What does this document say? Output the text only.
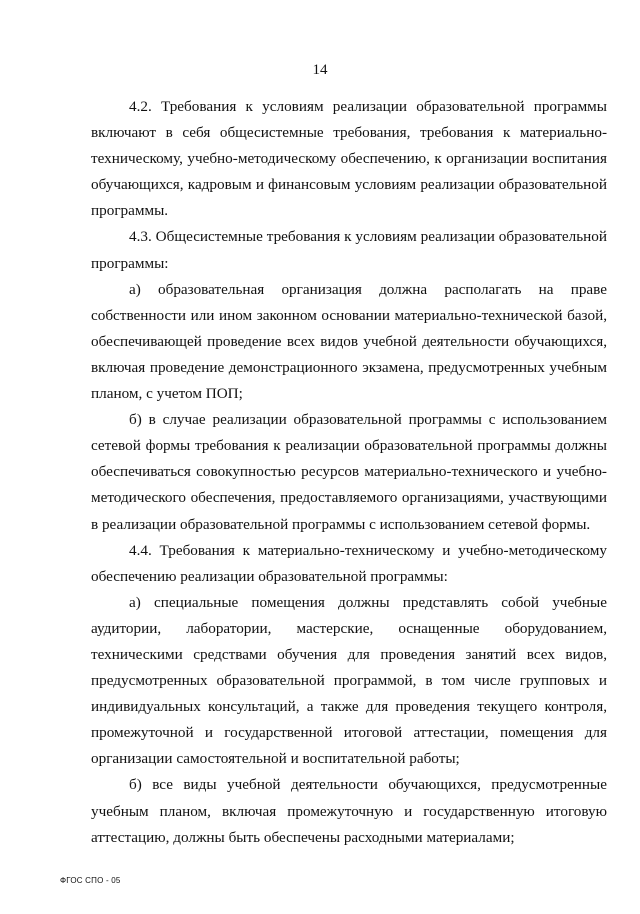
14

4.2. Требования к условиям реализации образовательной программы включают в себя общесистемные требования, требования к материально-техническому, учебно-методическому обеспечению, к организации воспитания обучающихся, кадровым и финансовым условиям реализации образовательной программы.

4.3. Общесистемные требования к условиям реализации образовательной программы:

а) образовательная организация должна располагать на праве собственности или ином законном основании материально-технической базой, обеспечивающей проведение всех видов учебной деятельности обучающихся, включая проведение демонстрационного экзамена, предусмотренных учебным планом, с учетом ПОП;

б) в случае реализации образовательной программы с использованием сетевой формы требования к реализации образовательной программы должны обеспечиваться совокупностью ресурсов материально-технического и учебно-методического обеспечения, предоставляемого организациями, участвующими в реализации образовательной программы с использованием сетевой формы.

4.4. Требования к материально-техническому и учебно-методическому обеспечению реализации образовательной программы:

а) специальные помещения должны представлять собой учебные аудитории, лаборатории, мастерские, оснащенные оборудованием, техническими средствами обучения для проведения занятий всех видов, предусмотренных образовательной программой, в том числе групповых и индивидуальных консультаций, а также для проведения текущего контроля, промежуточной и государственной итоговой аттестации, помещения для организации самостоятельной и воспитательной работы;

б) все виды учебной деятельности обучающихся, предусмотренные учебным планом, включая промежуточную и государственную итоговую аттестацию, должны быть обеспечены расходными материалами;

ФГОС СПО - 05
